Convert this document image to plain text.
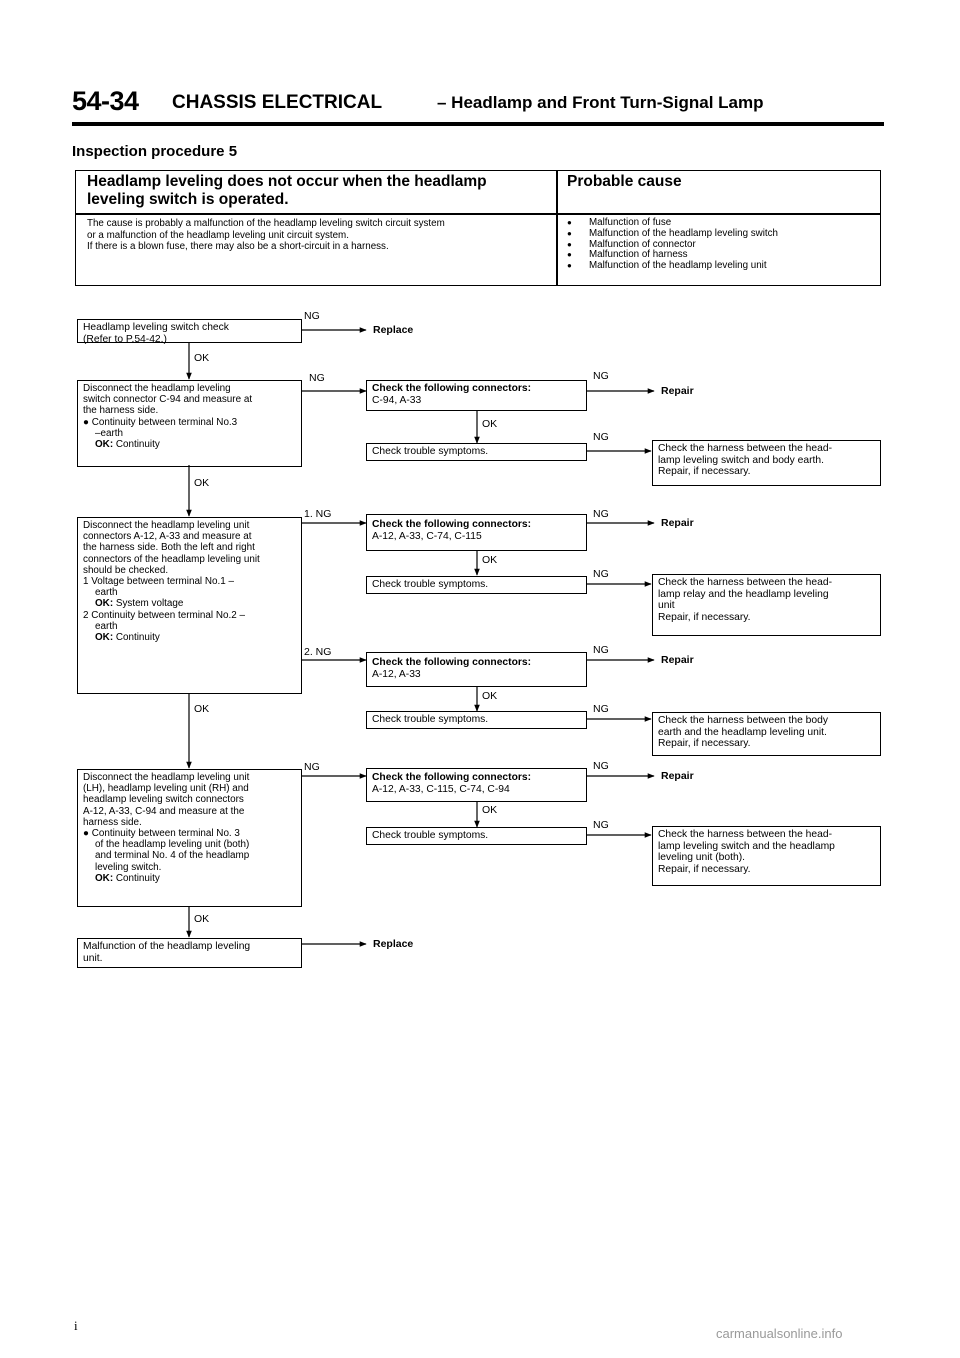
54-34 CHASSIS ELECTRICAL	– Headlamp and Front Turn-Signal Lamp
Inspection procedure 5
Headlamp leveling does not occur when the headlamp leveling switch is operated.
Probable cause
The cause is probably a malfunction of the headlamp leveling switch circuit system
or a malfunction of the headlamp leveling unit circuit system.
If there is a blown fuse, there may also be a short-circuit in a harness.
● Malfunction of fuse
● Malfunction of the headlamp leveling switch
● Malfunction of connector
● Malfunction of harness
● Malfunction of the headlamp leveling unit
Headlamp leveling switch check
(Refer to P.54-42.)
Disconnect the headlamp leveling
switch connector C-94 and measure at
the harness side.
● Continuity between terminal No.3
–earth
OK: Continuity
Disconnect the headlamp leveling unit
connectors A-12, A-33 and measure at
the harness side. Both the left and right
connectors of the headlamp leveling unit
should be checked.
1 Voltage between terminal No.1 –
earth
OK: System voltage
2 Continuity between terminal No.2 –
earth
OK: Continuity
Disconnect the headlamp leveling unit
(LH), headlamp leveling unit (RH) and
headlamp leveling switch connectors
A-12, A-33, C-94 and measure at the
harness side.
● Continuity between terminal No. 3
of the headlamp leveling unit (both)
and terminal No. 4 of the headlamp
leveling switch.
OK: Continuity
Malfunction of the headlamp leveling
unit.
Check the following connectors:
C-94, A-33
Check trouble symptoms.
Check the following connectors:
A-12, A-33, C-74, C-115
Check trouble symptoms.
Check the following connectors:
A-12, A-33
Check trouble symptoms.
Check the following connectors:
A-12, A-33, C-115, C-74, C-94
Check trouble symptoms.
Check the harness between the head-
lamp leveling switch and body earth.
Repair, if necessary.
Check the harness between the head-
lamp relay and the headlamp leveling
unit
Repair, if necessary.
Check the harness between the body
earth and the headlamp leveling unit.
Repair, if necessary.
Check the harness between the head-
lamp leveling switch and the headlamp
leveling unit (both).
Repair, if necessary.
NG
OK
NG
OK
1. NG
2. NG
OK
NG
OK
NG
OK
NG
NG
OK
NG
NG
OK
NG
NG
OK
NG
Replace
Replace
Repair
Repair
Repair
Repair
i
carmanualsonline.info
